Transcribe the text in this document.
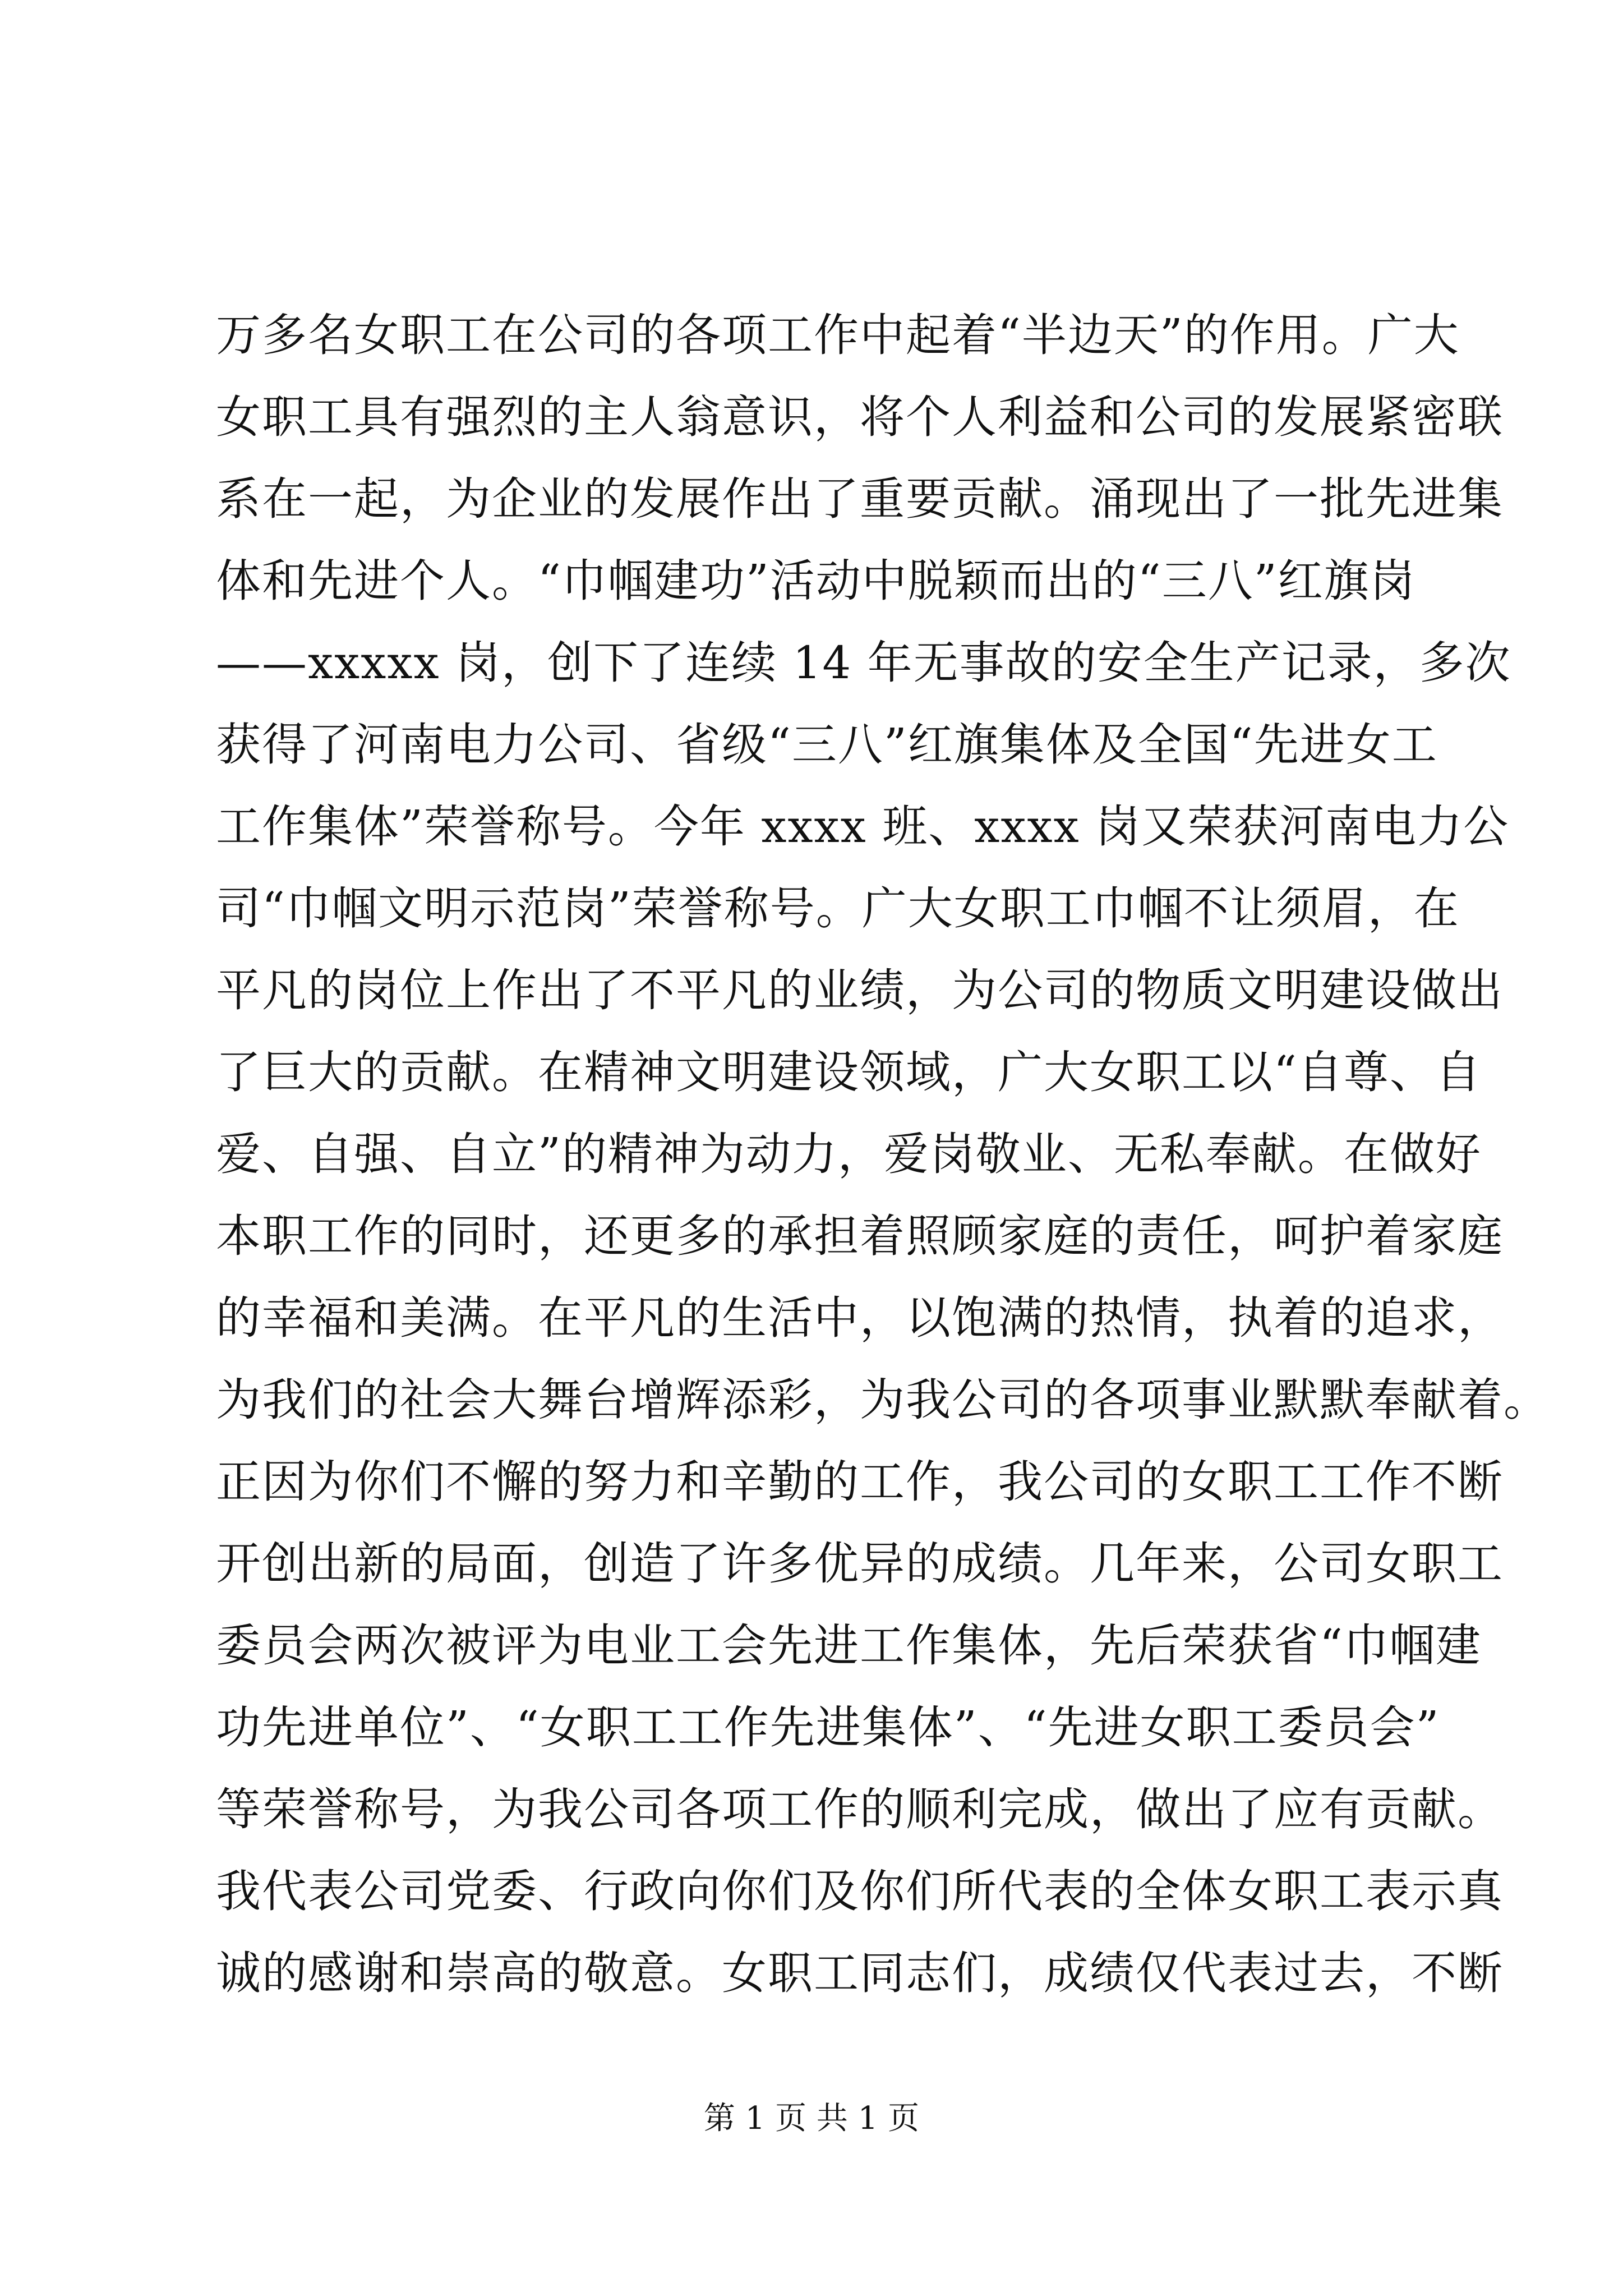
万多名女职工在公司的各项工作中起着“半边天”的作用。广大
女职工具有强烈的主人翁意识，将个人利益和公司的发展紧密联
系在一起，为企业的发展作出了重要贡献。涌现出了一批先进集
体和先进个人。“巾帼建功”活动中脱颖而出的“三八”红旗岗
——xxxxx 岗，创下了连续 14 年无事故的安全生产记录，多次
获得了河南电力公司、省级“三八”红旗集体及全国“先进女工
工作集体”荣誉称号。今年 xxxx 班、xxxx 岗又荣获河南电力公
司“巾帼文明示范岗”荣誉称号。广大女职工巾帼不让须眉，在
平凡的岗位上作出了不平凡的业绩，为公司的物质文明建设做出
了巨大的贡献。在精神文明建设领域，广大女职工以“自尊、自
爱、自强、自立”的精神为动力，爱岗敬业、无私奉献。在做好
本职工作的同时，还更多的承担着照顾家庭的责任，呵护着家庭
的幸福和美满。在平凡的生活中，以饱满的热情，执着的追求，
为我们的社会大舞台增辉添彩，为我公司的各项事业默默奉献着。
正因为你们不懈的努力和辛勤的工作，我公司的女职工工作不断
开创出新的局面，创造了许多优异的成绩。几年来，公司女职工
委员会两次被评为电业工会先进工作集体，先后荣获省“巾帼建
功先进单位”、“女职工工作先进集体”、“先进女职工委员会”
等荣誉称号，为我公司各项工作的顺利完成，做出了应有贡献。
我代表公司党委、行政向你们及你们所代表的全体女职工表示真
诚的感谢和崇高的敬意。女职工同志们，成绩仅代表过去，不断
第 1 页 共 1 页
